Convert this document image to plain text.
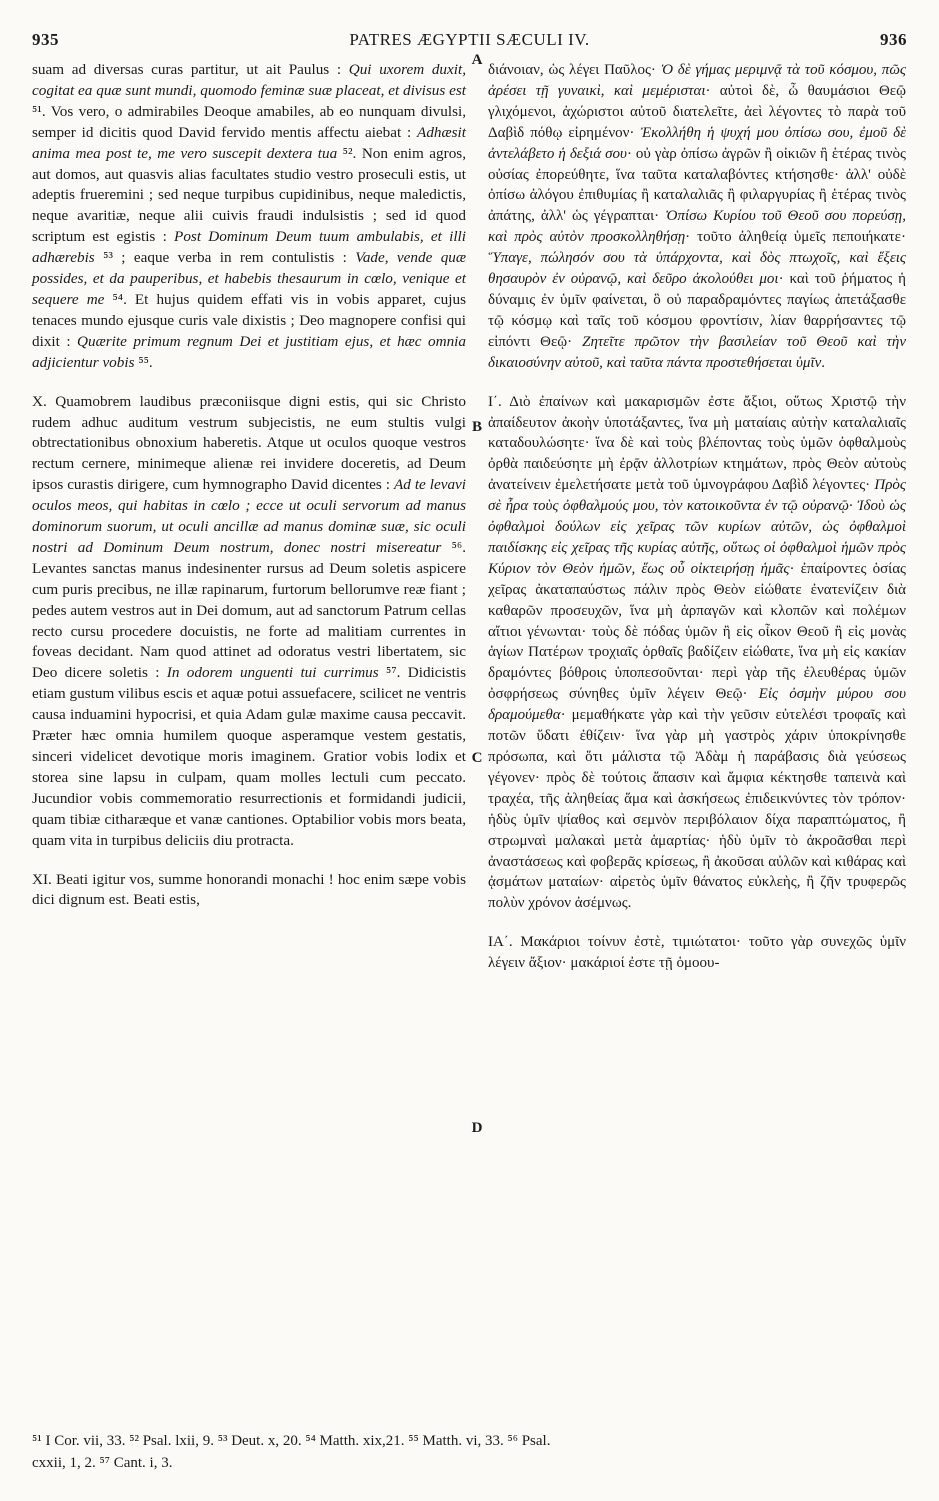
935	PATRES ÆGYPTII SÆCULI IV.	936

suam ad diversas curas partitur, ut ait Paulus : Qui uxorem duxit, cogitat ea quæ sunt mundi, quomodo feminæ suæ placeat, et divisus est ⁵¹. Vos vero, o admirabiles Deoque amabiles, ab eo nunquam divulsi, semper id dicitis quod David fervido mentis affectu aiebat : Adhæsit anima mea post te, me vero suscepit dextera tua ⁵². Non enim agros, aut domos, aut quasvis alias facultates studio vestro proseculi estis, ut adeptis frueremini ; sed neque turpibus cupidinibus, neque maledictis, neque avaritiæ, neque alii cuivis fraudi indulsistis ; sed id quod scriptum est egistis : Post Dominum Deum tuum ambulabis, et illi adhærebis ⁵³ ; eaque verba in rem contulistis : Vade, vende quæ possides, et da pauperibus, et habebis thesaurum in cœlo, venique et sequere me ⁵⁴. Et hujus quidem effati vis in vobis apparet, cujus tenaces mundo ejusque curis vale dixistis ; Deo magnopere confisi qui dixit : Quærite primum regnum Dei et justitiam ejus, et hæc omnia adjicientur vobis ⁵⁵.

X. Quamobrem laudibus præconiisque digni estis, qui sic Christo rudem adhuc auditum vestrum subjecistis, ne eum stultis vulgi obtrectationibus obnoxium haberetis. Atque ut oculos quoque vestros rectum cernere, minimeque alienæ rei invidere doceretis, ad Deum ipsos curastis dirigere, cum hymnographo David dicentes : Ad te levavi oculos meos, qui habitas in cœlo ; ecce ut oculi servorum ad manus dominorum suorum, ut oculi ancillæ ad manus dominæ suæ, sic oculi nostri ad Dominum Deum nostrum, donec nostri misereatur ⁵⁶. Levantes sanctas manus indesinenter rursus ad Deum soletis aspicere cum puris precibus, ne illæ rapinarum, furtorum bellorumve reæ fiant ; pedes autem vestros aut in Dei domum, aut ad sanctorum Patrum cellas recto cursu procedere docuistis, ne forte ad malitiam currentes in foveas decidant. Nam quod attinet ad odoratus vestri libertatem, sic Deo dicere soletis : In odorem unguenti tui currimus ⁵⁷. Didicistis etiam gustum vilibus escis et aquæ potui assuefacere, scilicet ne ventris causa induamini hypocrisi, et quia Adam gulæ maxime causa peccavit. Præter hæc omnia humilem quoque asperamque vestem gestatis, sinceri videlicet devotique moris imaginem. Gratior vobis lodix et storea sine lapsu in culpam, quam molles lectuli cum peccato. Jucundior vobis commemoratio resurrectionis et formidandi judicii, quam tibiæ citharæque et vanæ cantiones. Optabilior vobis mors beata, quam vita in turpibus deliciis diu protracta.

XI. Beati igitur vos, summe honorandi monachi ! hoc enim sæpe vobis dici dignum est. Beati estis,

A
B
C
D

διάνοιαν, ὡς λέγει Παῦλος· Ὁ δὲ γήμας μεριμνᾷ τὰ τοῦ κόσμου, πῶς ἀρέσει τῇ γυναικὶ, καὶ μεμέρισται· αὐτοὶ δὲ, ὦ θαυμάσιοι Θεῷ γλιχόμενοι, ἀχώριστοι αὐτοῦ διατελεῖτε, ἀεὶ λέγοντες τὸ παρὰ τοῦ Δαβὶδ πόθῳ εἰρημένον· Ἐκολλήθη ἡ ψυχή μου ὀπίσω σου, ἐμοῦ δὲ ἀντελάβετο ἡ δεξιά σου· οὐ γὰρ ὀπίσω ἀγρῶν ἢ οἰκιῶν ἢ ἑτέρας τινὸς οὐσίας ἐπορεύθητε, ἵνα ταῦτα καταλαβόντες κτήσησθε· ἀλλ' οὐδὲ ὀπίσω ἀλόγου ἐπιθυμίας ἢ καταλαλιᾶς ἢ φιλαργυρίας ἢ ἑτέρας τινὸς ἀπάτης, ἀλλ' ὡς γέγραπται· Ὀπίσω Κυρίου τοῦ Θεοῦ σου πορεύσῃ, καὶ πρὸς αὐτὸν προσκολληθήσῃ· τοῦτο ἀληθείᾳ ὑμεῖς πεποιήκατε· Ὕπαγε, πώλησόν σου τὰ ὑπάρχοντα, καὶ δὸς πτωχοῖς, καὶ ἕξεις θησαυρὸν ἐν οὐρανῷ, καὶ δεῦρο ἀκολούθει μοι· καὶ τοῦ ῥήματος ἡ δύναμις ἐν ὑμῖν φαίνεται, ὃ οὐ παραδραμόντες παγίως ἀπετάξασθε τῷ κόσμῳ καὶ ταῖς τοῦ κόσμου φροντίσιν, λίαν θαρρήσαντες τῷ εἰπόντι Θεῷ· Ζητεῖτε πρῶτον τὴν βασιλείαν τοῦ Θεοῦ καὶ τὴν δικαιοσύνην αὐτοῦ, καὶ ταῦτα πάντα προστεθήσεται ὑμῖν.

Ι΄. Διὸ ἐπαίνων καὶ μακαρισμῶν ἐστε ἄξιοι, οὕτως Χριστῷ τὴν ἀπαίδευτον ἀκοὴν ὑποτάξαντες, ἵνα μὴ ματαίαις αὐτὴν καταλαλιαῖς καταδουλώσητε· ἵνα δὲ καὶ τοὺς βλέποντας τοὺς ὑμῶν ὀφθαλμοὺς ὀρθὰ παιδεύσητε μὴ ἐρᾷν ἀλλοτρίων κτημάτων, πρὸς Θεὸν αὐτοὺς ἀνατείνειν ἐμελετήσατε μετὰ τοῦ ὑμνογράφου Δαβὶδ λέγοντες· Πρὸς σὲ ἦρα τοὺς ὀφθαλμούς μου, τὸν κατοικοῦντα ἐν τῷ οὐρανῷ· Ἰδοὺ ὡς ὀφθαλμοὶ δούλων εἰς χεῖρας τῶν κυρίων αὐτῶν, ὡς ὀφθαλμοὶ παιδίσκης εἰς χεῖρας τῆς κυρίας αὐτῆς, οὕτως οἱ ὀφθαλμοὶ ἡμῶν πρὸς Κύριον τὸν Θεὸν ἡμῶν, ἕως οὗ οἰκτειρήσῃ ἡμᾶς· ἐπαίροντες ὁσίας χεῖρας ἀκαταπαύστως πάλιν πρὸς Θεὸν εἰώθατε ἐνατενίζειν διὰ καθαρῶν προσευχῶν, ἵνα μὴ ἁρπαγῶν καὶ κλοπῶν καὶ πολέμων αἴτιοι γένωνται· τοὺς δὲ πόδας ὑμῶν ἢ εἰς οἶκον Θεοῦ ἢ εἰς μονὰς ἁγίων Πατέρων τροχιαῖς ὀρθαῖς βαδίζειν εἰώθατε, ἵνα μὴ εἰς κακίαν δραμόντες βόθροις ὑποπεσοῦνται· περὶ γὰρ τῆς ἐλευθέρας ὑμῶν ὀσφρήσεως σύνηθες ὑμῖν λέγειν Θεῷ· Εἰς ὀσμὴν μύρου σου δραμούμεθα· μεμαθήκατε γὰρ καὶ τὴν γεῦσιν εὐτελέσι τροφαῖς καὶ ποτῶν ὕδατι ἐθίζειν· ἵνα γὰρ μὴ γαστρὸς χάριν ὑποκρίνησθε πρόσωπα, καὶ ὅτι μάλιστα τῷ Ἀδὰμ ἡ παράβασις διὰ γεύσεως γέγονεν· πρὸς δὲ τούτοις ἅπασιν καὶ ἄμφια κέκτησθε ταπεινὰ καὶ τραχέα, τῆς ἀληθείας ἅμα καὶ ἀσκήσεως ἐπιδεικνύντες τὸν τρόπον· ἡδὺς ὑμῖν ψίαθος καὶ σεμνὸν περιβόλαιον δίχα παραπτώματος, ἢ στρωμναὶ μαλακαὶ μετὰ ἁμαρτίας· ἡδὺ ὑμῖν τὸ ἀκροᾶσθαι περὶ ἀναστάσεως καὶ φοβερᾶς κρίσεως, ἢ ἀκοῦσαι αὐλῶν καὶ κιθάρας καὶ ᾀσμάτων ματαίων· αἱρετὸς ὑμῖν θάνατος εὐκλεὴς, ἢ ζῆν τρυφερῶς πολὺν χρόνον ἀσέμνως.

ΙΑ΄. Μακάριοι τοίνυν ἐστὲ, τιμιώτατοι· τοῦτο γὰρ συνεχῶς ὑμῖν λέγειν ἄξιον· μακάριοί ἐστε τῇ ὁμοου-

⁵¹ I Cor. vii, 33. ⁵² Psal. lxii, 9. ⁵³ Deut. x, 20. ⁵⁴ Matth. xix,21. ⁵⁵ Matth. vi, 33. ⁵⁶ Psal.

cxxii, 1, 2. ⁵⁷ Cant. i, 3.
